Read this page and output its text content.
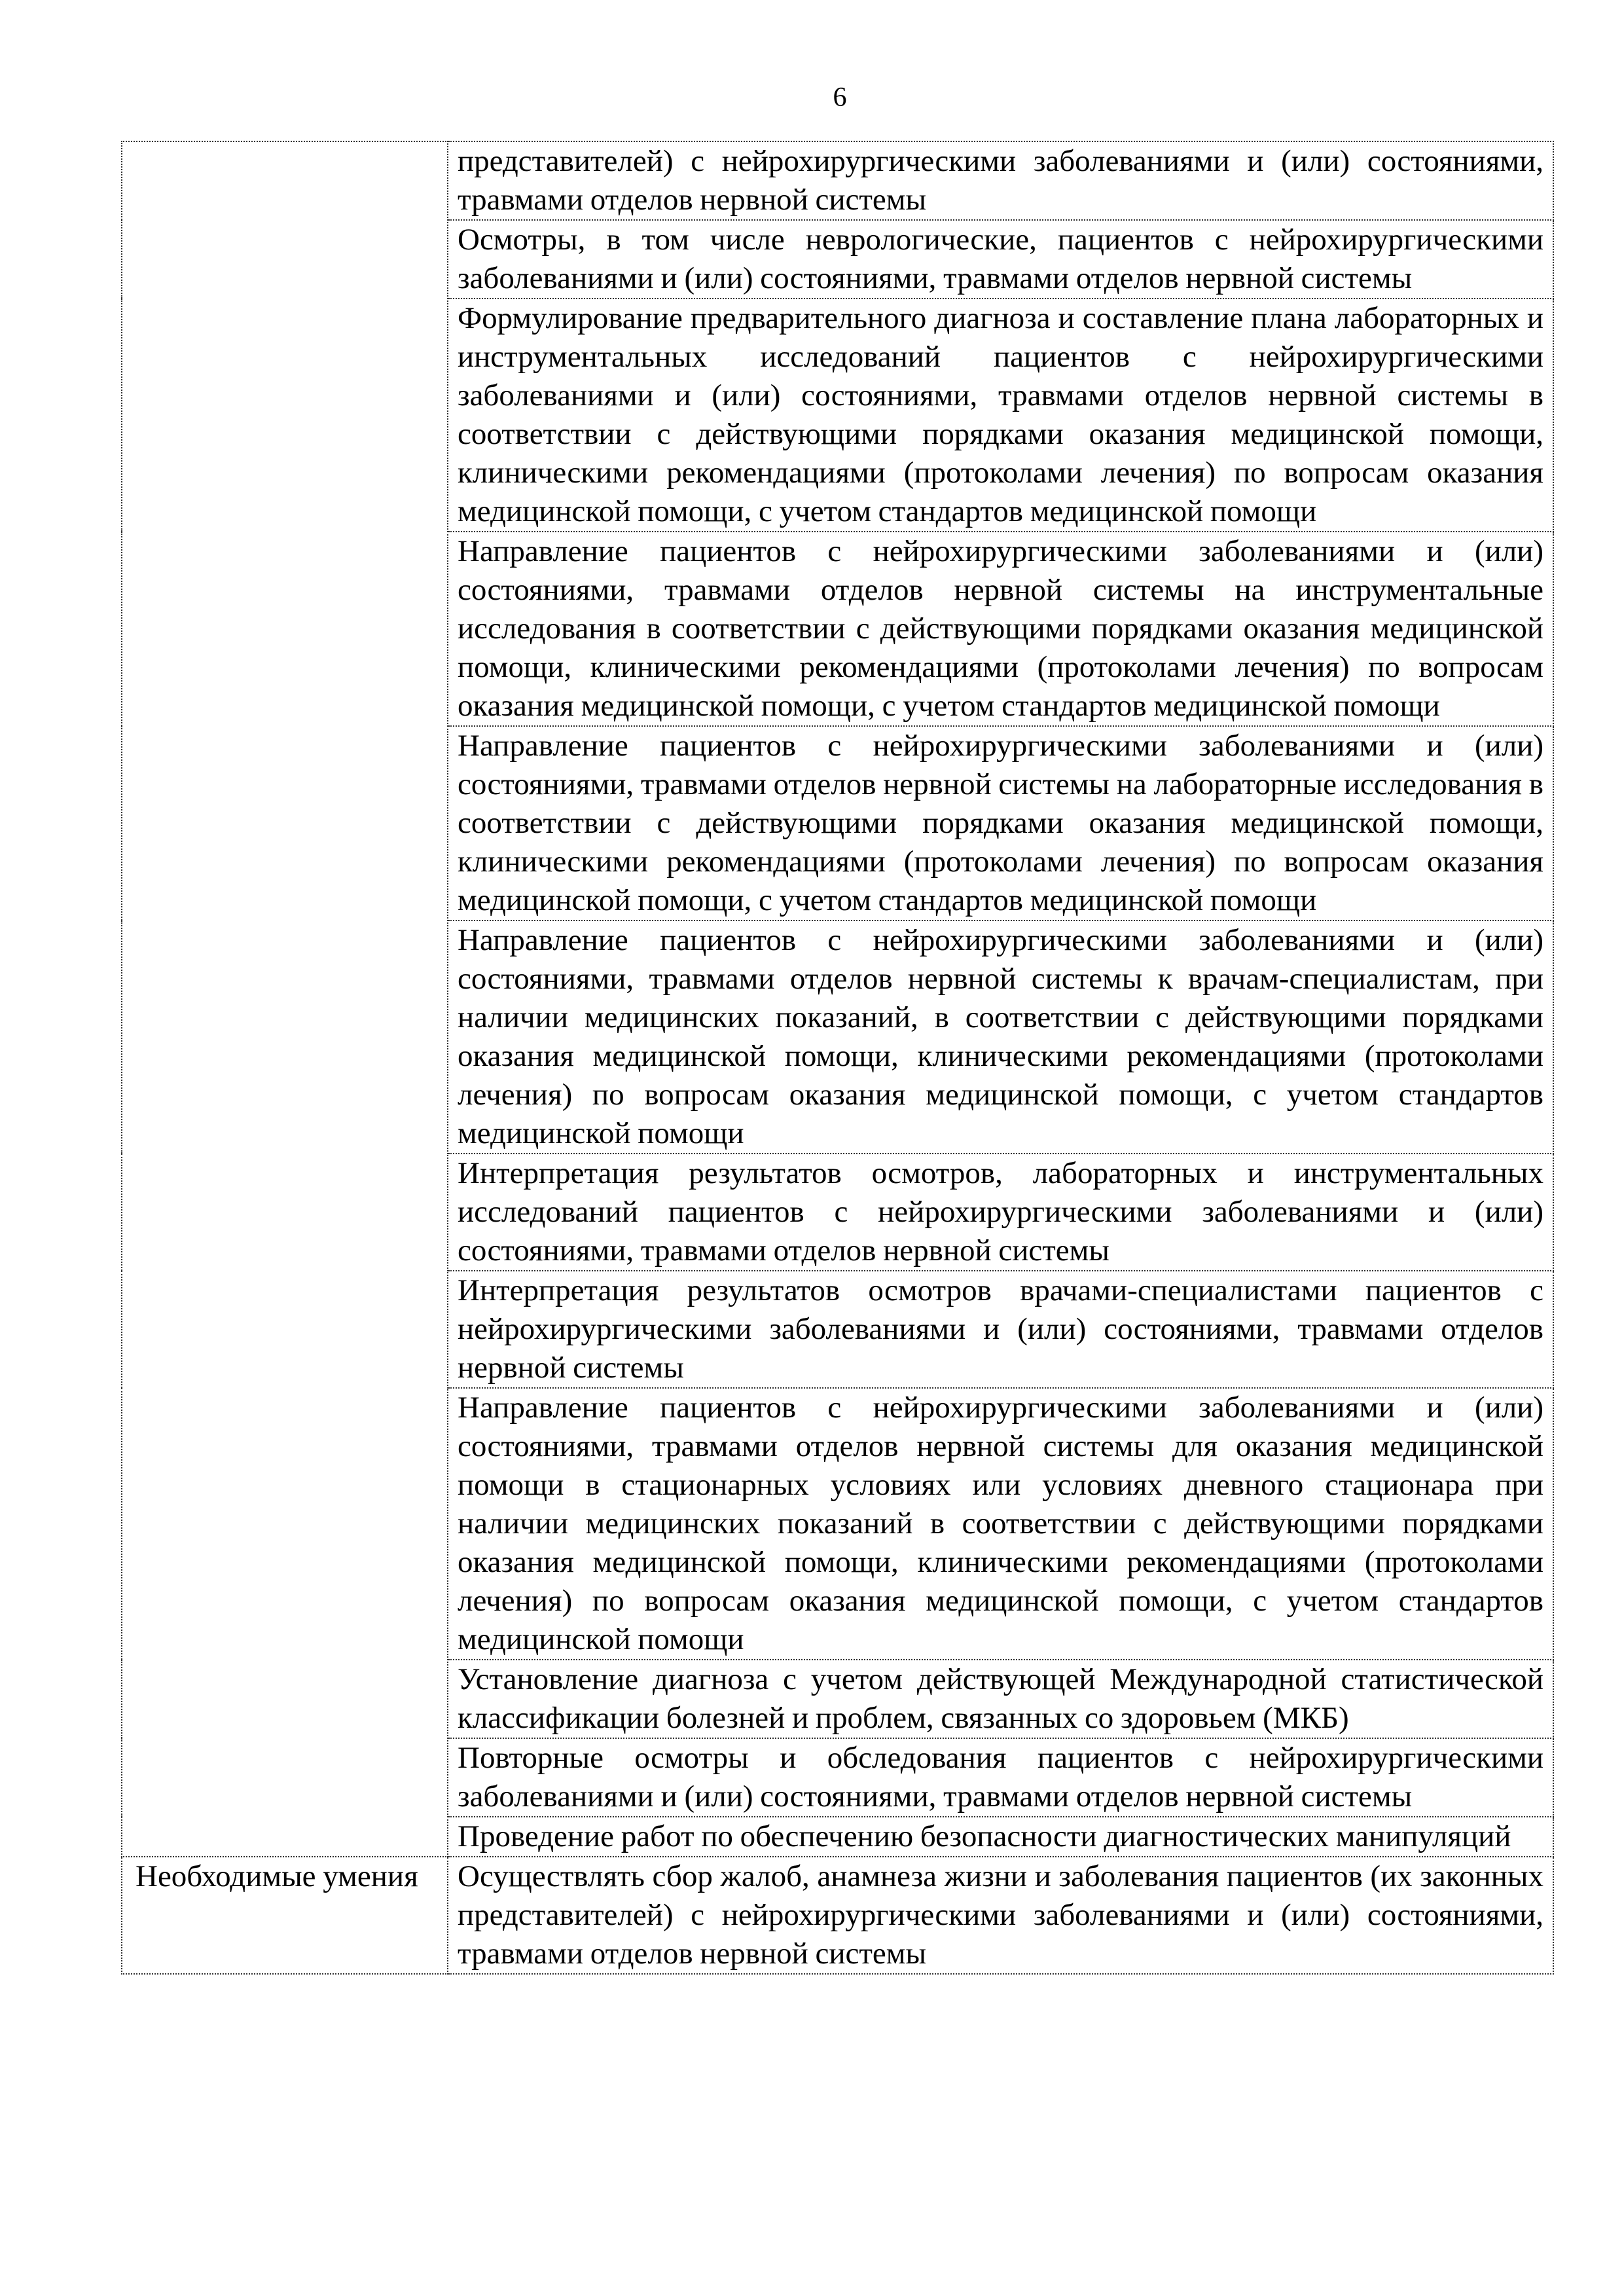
6
	представителей) с нейрохирургическими заболеваниями и (или) состояниями, травмами отделов нервной системы
	Осмотры, в том числе неврологические, пациентов с нейрохирургическими заболеваниями и (или) состояниями, травмами отделов нервной системы
	Формулирование предварительного диагноза и составление плана лабораторных и инструментальных исследований пациентов с нейрохирургическими заболеваниями и (или) состояниями, травмами отделов нервной системы в соответствии с действующими порядками оказания медицинской помощи, клиническими рекомендациями (протоколами лечения) по вопросам оказания медицинской помощи, с учетом стандартов медицинской помощи
	Направление пациентов с нейрохирургическими заболеваниями и (или) состояниями, травмами отделов нервной системы на инструментальные исследования в соответствии с действующими порядками оказания медицинской помощи, клиническими рекомендациями (протоколами лечения) по вопросам оказания медицинской помощи, с учетом стандартов медицинской помощи
	Направление пациентов с нейрохирургическими заболеваниями и (или) состояниями, травмами отделов нервной системы на лабораторные исследования в соответствии с действующими порядками оказания медицинской помощи, клиническими рекомендациями (протоколами лечения) по вопросам оказания медицинской помощи, с учетом стандартов медицинской помощи
	Направление пациентов с нейрохирургическими заболеваниями и (или) состояниями, травмами отделов нервной системы к врачам-специалистам, при наличии медицинских показаний, в соответствии с действующими порядками оказания медицинской помощи, клиническими рекомендациями (протоколами лечения) по вопросам оказания медицинской помощи, с учетом стандартов медицинской помощи
	Интерпретация результатов осмотров, лабораторных и инструментальных исследований пациентов с нейрохирургическими заболеваниями и (или) состояниями, травмами отделов нервной системы
	Интерпретация результатов осмотров врачами-специалистами пациентов с нейрохирургическими заболеваниями и (или) состояниями, травмами отделов нервной системы
	Направление пациентов с нейрохирургическими заболеваниями и (или) состояниями, травмами отделов нервной системы для оказания медицинской помощи в стационарных условиях или условиях дневного стационара при наличии медицинских показаний в соответствии с действующими порядками оказания медицинской помощи, клиническими рекомендациями (протоколами лечения) по вопросам оказания медицинской помощи, с учетом стандартов медицинской помощи
	Установление диагноза с учетом действующей Международной статистической классификации болезней и проблем, связанных со здоровьем (МКБ)
	Повторные осмотры и обследования пациентов с нейрохирургическими заболеваниями и (или) состояниями, травмами отделов нервной системы
	Проведение работ по обеспечению безопасности диагностических манипуляций
Необходимые умения	Осуществлять сбор жалоб, анамнеза жизни и заболевания пациентов (их законных представителей) с нейрохирургическими заболеваниями и (или) состояниями, травмами отделов нервной системы
